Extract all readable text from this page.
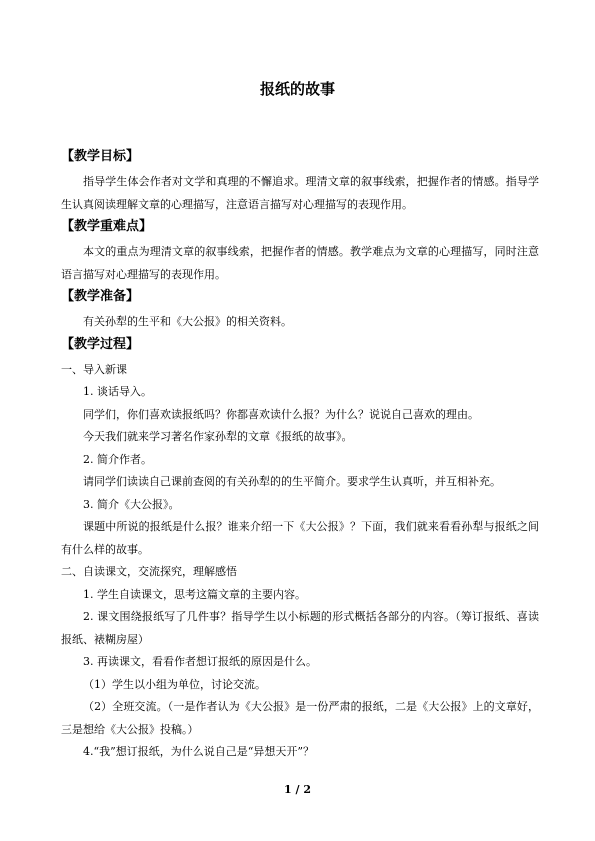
报纸的故事

【教学目标】

指导学生体会作者对文学和真理的不懈追求。理清文章的叙事线索，把握作者的情感。指导学生认真阅读理解文章的心理描写，注意语言描写对心理描写的表现作用。

【教学重难点】

本文的重点为理清文章的叙事线索，把握作者的情感。教学难点为文章的心理描写，同时注意语言描写对心理描写的表现作用。

【教学准备】

有关孙犁的生平和《大公报》的相关资料。

【教学过程】

一、导入新课

1. 谈话导入。

同学们，你们喜欢读报纸吗？你都喜欢读什么报？为什么？说说自己喜欢的理由。

今天我们就来学习著名作家孙犁的文章《报纸的故事》。

2. 简介作者。

请同学们读读自己课前查阅的有关孙犁的的生平简介。要求学生认真听，并互相补充。

3. 简介《大公报》。

课题中所说的报纸是什么报？谁来介绍一下《大公报》？下面，我们就来看看孙犁与报纸之间有什么样的故事。

二、自读课文，交流探究，理解感悟

1. 学生自读课文，思考这篇文章的主要内容。

2. 课文围绕报纸写了几件事？指导学生以小标题的形式概括各部分的内容。（筹订报纸、喜读报纸、裱糊房屋）

3. 再读课文，看看作者想订报纸的原因是什么。

（1）学生以小组为单位，讨论交流。

（2）全班交流。（一是作者认为《大公报》是一份严肃的报纸，二是《大公报》上的文章好，三是想给《大公报》投稿。）

4.“我”想订报纸，为什么说自己是“异想天开”？

1 / 2
